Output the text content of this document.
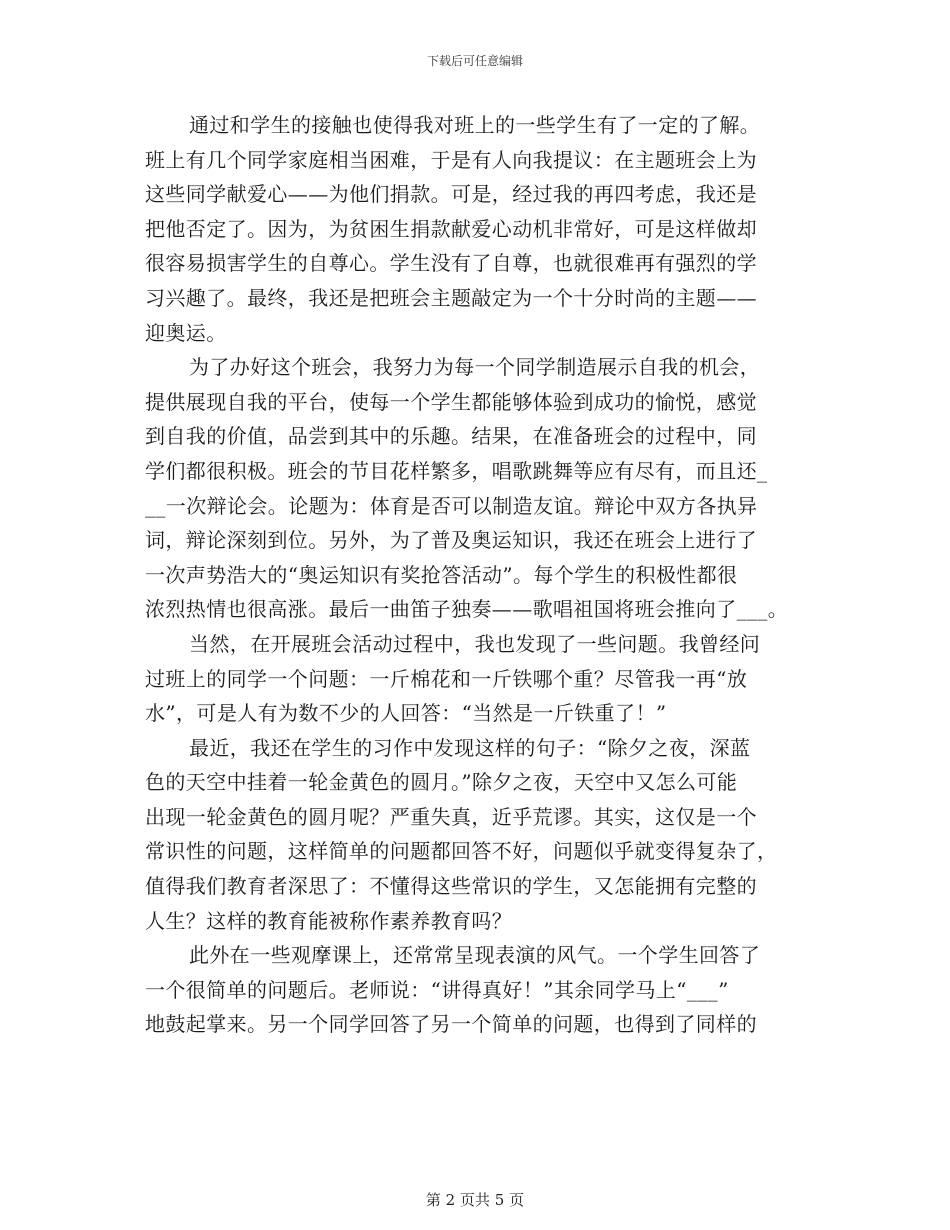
下载后可任意编辑
通过和学生的接触也使得我对班上的一些学生有了一定的了解。
班上有几个同学家庭相当困难，于是有人向我提议：在主题班会上为
这些同学献爱心——为他们捐款。可是，经过我的再四考虑，我还是
把他否定了。因为，为贫困生捐款献爱心动机非常好，可是这样做却
很容易损害学生的自尊心。学生没有了自尊，也就很难再有强烈的学
习兴趣了。最终，我还是把班会主题敲定为一个十分时尚的主题——
迎奥运。
为了办好这个班会，我努力为每一个同学制造展示自我的机会，
提供展现自我的平台，使每一个学生都能够体验到成功的愉悦，感觉
到自我的价值，品尝到其中的乐趣。结果，在准备班会的过程中，同
学们都很积极。班会的节目花样繁多，唱歌跳舞等应有尽有，而且还_
__一次辩论会。论题为：体育是否可以制造友谊。辩论中双方各执异
词，辩论深刻到位。另外，为了普及奥运知识，我还在班会上进行了
一次声势浩大的“奥运知识有奖抢答活动”。每个学生的积极性都很
浓烈热情也很高涨。最后一曲笛子独奏——歌唱祖国将班会推向了___。
当然，在开展班会活动过程中，我也发现了一些问题。我曾经问
过班上的同学一个问题：一斤棉花和一斤铁哪个重？尽管我一再“放
水”，可是人有为数不少的人回答：“当然是一斤铁重了！”
最近，我还在学生的习作中发现这样的句子：“除夕之夜，深蓝
色的天空中挂着一轮金黄色的圆月。”除夕之夜，天空中又怎么可能
出现一轮金黄色的圆月呢？严重失真，近乎荒谬。其实，这仅是一个
常识性的问题，这样简单的问题都回答不好，问题似乎就变得复杂了，
值得我们教育者深思了：不懂得这些常识的学生，又怎能拥有完整的
人生？这样的教育能被称作素养教育吗？
此外在一些观摩课上，还常常呈现表演的风气。一个学生回答了
一个很简单的问题后。老师说：“讲得真好！”其余同学马上“___”
地鼓起掌来。另一个同学回答了另一个简单的问题，也得到了同样的
第 2 页共 5 页
